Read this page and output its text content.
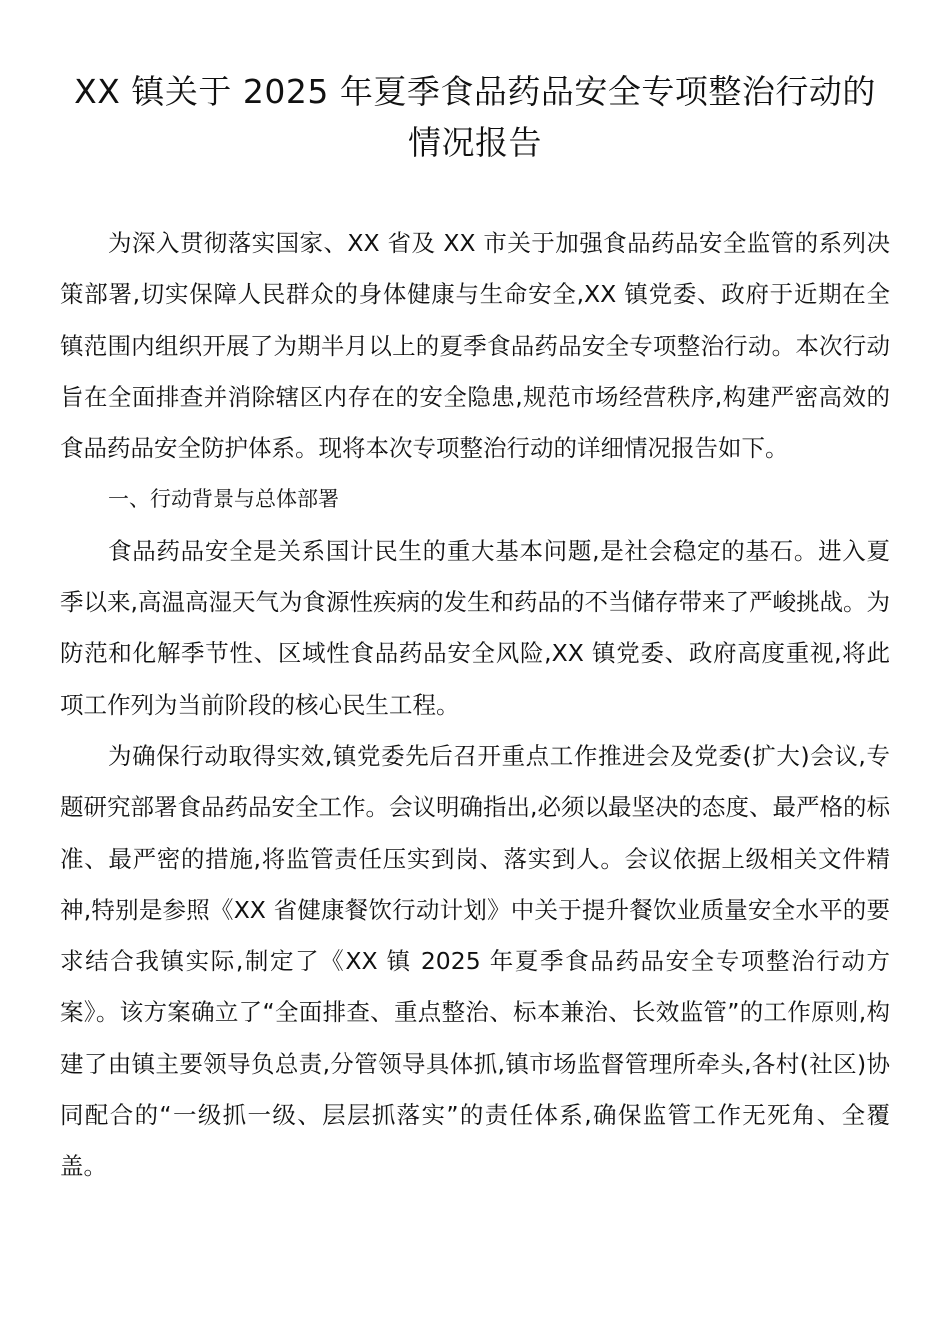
XX 镇关于 2025 年夏季食品药品安全专项整治行动的
情况报告

为深入贯彻落实国家、XX 省及 XX 市关于加强食品药品安全监管的系列决策部署,切实保障人民群众的身体健康与生命安全,XX 镇党委、政府于近期在全镇范围内组织开展了为期半月以上的夏季食品药品安全专项整治行动。本次行动旨在全面排查并消除辖区内存在的安全隐患,规范市场经营秩序,构建严密高效的食品药品安全防护体系。现将本次专项整治行动的详细情况报告如下。

一、行动背景与总体部署

食品药品安全是关系国计民生的重大基本问题,是社会稳定的基石。进入夏季以来,高温高湿天气为食源性疾病的发生和药品的不当储存带来了严峻挑战。为防范和化解季节性、区域性食品药品安全风险,XX 镇党委、政府高度重视,将此项工作列为当前阶段的核心民生工程。

为确保行动取得实效,镇党委先后召开重点工作推进会及党委(扩大)会议,专题研究部署食品药品安全工作。会议明确指出,必须以最坚决的态度、最严格的标准、最严密的措施,将监管责任压实到岗、落实到人。会议依据上级相关文件精神,特别是参照《XX 省健康餐饮行动计划》中关于提升餐饮业质量安全水平的要求结合我镇实际,制定了《XX 镇 2025 年夏季食品药品安全专项整治行动方案》。该方案确立了“全面排查、重点整治、标本兼治、长效监管”的工作原则,构建了由镇主要领导负总责,分管领导具体抓,镇市场监督管理所牵头,各村(社区)协同配合的“一级抓一级、层层抓落实”的责任体系,确保监管工作无死角、全覆盖。
